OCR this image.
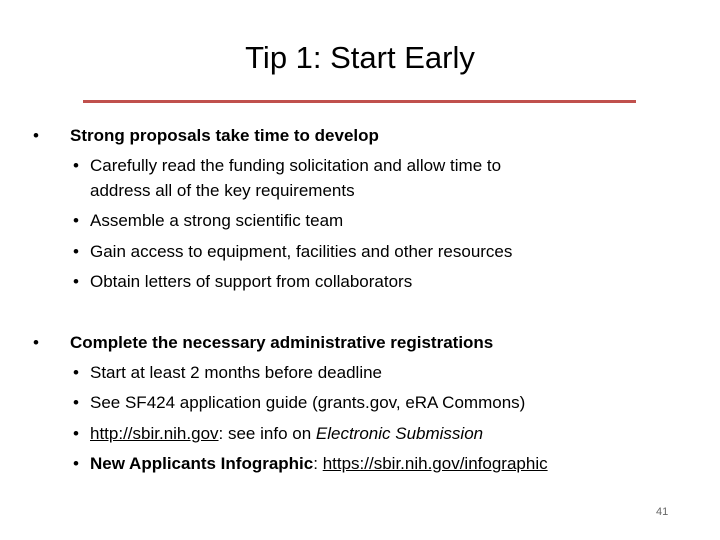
Tip 1: Start Early
• Strong proposals take time to develop
• Carefully read the funding solicitation and allow time to
address all of the key requirements
• Assemble a strong scientific team
• Gain access to equipment, facilities and other resources
• Obtain letters of support from collaborators
• Complete the necessary administrative registrations
• Start at least 2 months before deadline
• See SF424 application guide (grants.gov, eRA Commons)
• http://sbir.nih.gov: see info on Electronic Submission
• New Applicants Infographic: https://sbir.nih.gov/infographic
41
